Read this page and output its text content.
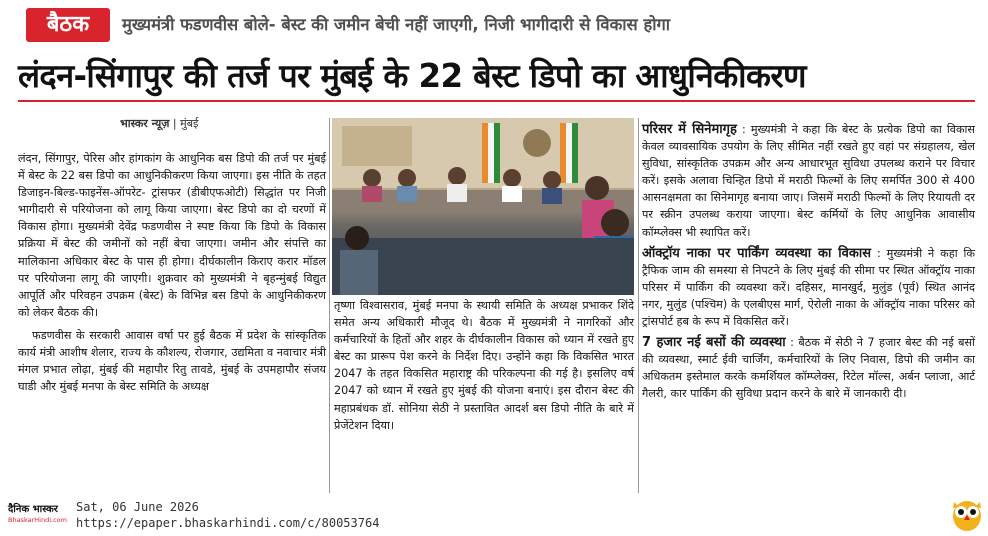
बैठक	मुख्यमंत्री फडणवीस बोले- बेस्ट की जमीन बेची नहीं जाएगी, निजी भागीदारी से विकास होगा
लंदन-सिंगापुर की तर्ज पर मुंबई के 22 बेस्ट डिपो का आधुनिकीकरण
भास्कर न्यूज़ | मुंबई

लंदन, सिंगापुर, पेरिस और हांगकांग के आधुनिक बस डिपो की तर्ज पर मुंबई में बेस्ट के 22 बस डिपो का आधुनिकीकरण किया जाएगा। इस नीति के तहत डिजाइन-बिल्ड-फाइनेंस-ऑपरेट- ट्रांसफर (डीबीएफओटी) सिद्धांत पर निजी भागीदारी से परियोजना को लागू किया जाएगा। बेस्ट डिपो का दो चरणों में विकास होगा। मुख्यमंत्री देवेंद्र फडणवीस ने स्पष्ट किया कि डिपो के विकास प्रक्रिया में बेस्ट की जमीनों को नहीं बेचा जाएगा। जमीन और संपत्ति का मालिकाना अधिकार बेस्ट के पास ही होगा। दीर्घकालीन किराए करार मॉडल पर परियोजना लागू की जाएगी। शुक्रवार को मुख्यमंत्री ने बृहन्मुंबई विद्युत आपूर्ति और परिवहन उपक्रम (बेस्ट) के विभिन्न बस डिपो के आधुनिकीकरण को लेकर बैठक की।

फडणवीस के सरकारी आवास वर्षा पर हुई बैठक में प्रदेश के सांस्कृतिक कार्य मंत्री आशीष शेलार, राज्य के कौशल्य, रोजगार, उद्यमिता व नवाचार मंत्री मंगल प्रभात लोढ़ा, मुंबई की महापौर रितु तावडे, मुंबई के उपमहापौर संजय घाडी और मुंबई मनपा के बेस्ट समिति के अध्यक्ष

तृष्णा विश्वासराव, मुंबई मनपा के स्थायी समिति के अध्यक्ष प्रभाकर शिंदे समेत अन्य अधिकारी मौजूद थे। बैठक में मुख्यमंत्री ने नागरिकों और कर्मचारियों के हितों और शहर के दीर्घकालीन विकास को ध्यान में रखते हुए बेस्ट का प्रारूप पेश करने के निर्देश दिए। उन्होंने कहा कि विकसित भारत 2047 के तहत विकसित महाराष्ट्र की परिकल्पना की गई है। इसलिए वर्ष 2047 को ध्यान में रखते हुए मुंबई की योजना बनाएं। इस दौरान बेस्ट की महाप्रबंधक डॉ. सोनिया सेठी ने प्रस्तावित आदर्श बस डिपो नीति के बारे में प्रेजेंटेशन दिया।

परिसर में सिनेमागृह : मुख्यमंत्री ने कहा कि बेस्ट के प्रत्येक डिपो का विकास केवल व्यावसायिक उपयोग के लिए सीमित नहीं रखते हुए वहां पर संग्रहालय, खेल सुविधा, सांस्कृतिक उपक्रम और अन्य आधारभूत सुविधा उपलब्ध कराने पर विचार करें। इसके अलावा चिन्हित डिपो में मराठी फिल्मों के लिए समर्पित 300 से 400 आसनक्षमता का सिनेमागृह बनाया जाए। जिसमें मराठी फिल्मों के लिए रियायती दर पर स्क्रीन उपलब्ध कराया जाएगा। बेस्ट कर्मियों के लिए आधुनिक आवासीय कॉम्प्लेक्स भी स्थापित करें।

ऑक्ट्रॉय नाका पर पार्किंग व्यवस्था का विकास : मुख्यमंत्री ने कहा कि ट्रैफिक जाम की समस्या से निपटने के लिए मुंबई की सीमा पर स्थित ऑक्ट्रॉय नाका परिसर में पार्किंग की व्यवस्था करें। दहिसर, मानखुर्द, मुलुंड (पूर्व) स्थित आनंद नगर, मुलुंड (पश्चिम) के एलबीएस मार्ग, ऐरोली नाका के ऑक्ट्रॉय नाका परिसर को ट्रांसपोर्ट हब के रूप में विकसित करें।

7 हजार नई बसों की व्यवस्था : बैठक में सेठी ने 7 हजार बेस्ट की नई बसों की व्यवस्था, स्मार्ट ईवी चार्जिंग, कर्मचारियों के लिए निवास, डिपो की जमीन का अधिकतम इस्तेमाल करके कमर्शियल कॉम्प्लेक्स, रिटेल मॉल्स, अर्बन प्लाजा, आर्ट गैलरी, कार पार्किंग की सुविधा प्रदान करने के बारे में जानकारी दी।

दैनिक भास्कर
BhaskarHindi.com
Sat, 06 June 2026
https://epaper.bhaskarhindi.com/c/80053764
